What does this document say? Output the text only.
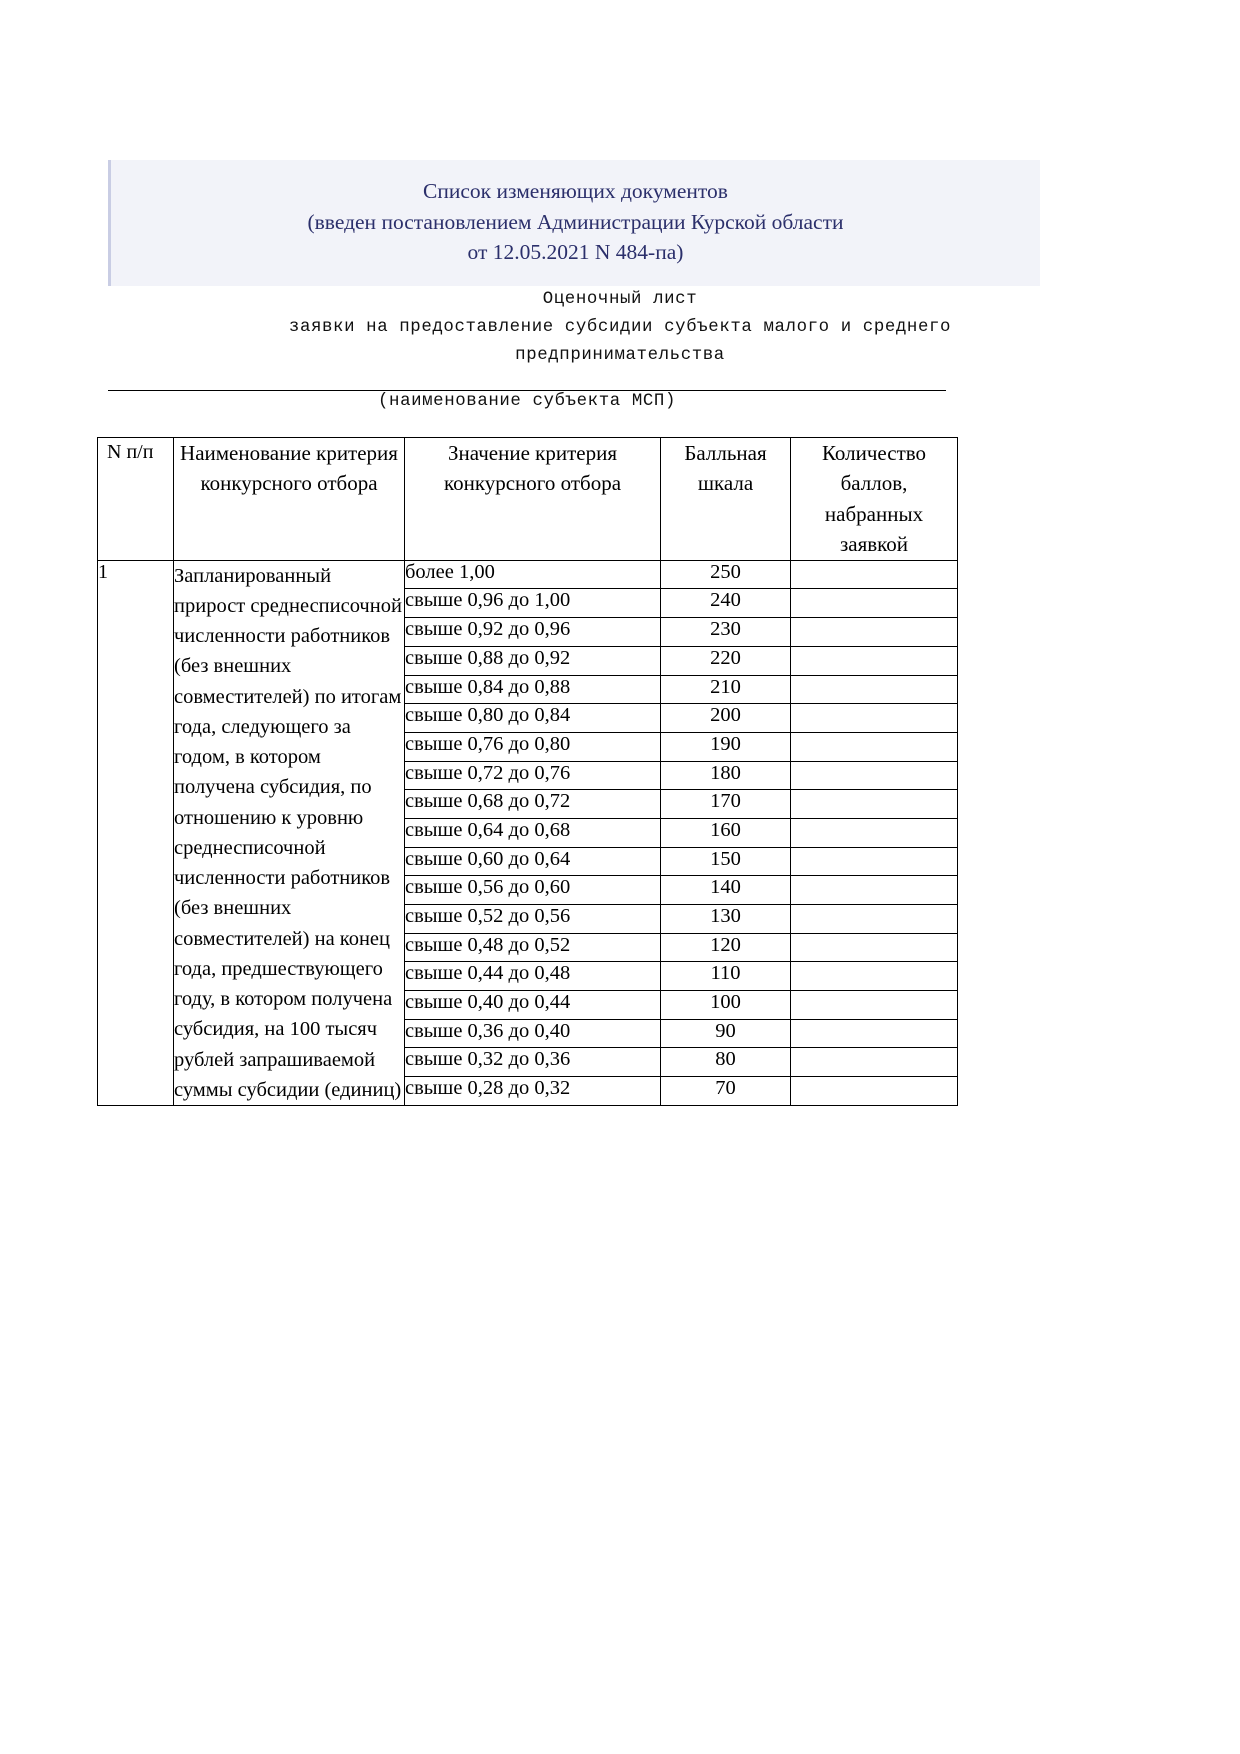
Список изменяющих документов
(введен постановлением Администрации Курской области
от 12.05.2021 N 484-па)
Оценочный лист
заявки на предоставление субсидии субъекта малого и среднего
предпринимательства
(наименование субъекта МСП)
N п/п	Наименование критерия конкурсного отбора	Значение критерия конкурсного отбора	Балльная шкала	Количество баллов, набранных заявкой
1	Запланированный прирост среднесписочной численности работников (без внешних совместителей) по итогам года, следующего за годом, в котором получена субсидия, по отношению к уровню среднесписочной численности работников (без внешних совместителей) на конец года, предшествующего году, в котором получена субсидия, на 100 тысяч рублей запрашиваемой суммы субсидии (единиц)	более 1,00	250	
		свыше 0,96 до 1,00	240	
		свыше 0,92 до 0,96	230	
		свыше 0,88 до 0,92	220	
		свыше 0,84 до 0,88	210	
		свыше 0,80 до 0,84	200	
		свыше 0,76 до 0,80	190	
		свыше 0,72 до 0,76	180	
		свыше 0,68 до 0,72	170	
		свыше 0,64 до 0,68	160	
		свыше 0,60 до 0,64	150	
		свыше 0,56 до 0,60	140	
		свыше 0,52 до 0,56	130	
		свыше 0,48 до 0,52	120	
		свыше 0,44 до 0,48	110	
		свыше 0,40 до 0,44	100	
		свыше 0,36 до 0,40	90	
		свыше 0,32 до 0,36	80	
		свыше 0,28 до 0,32	70	
